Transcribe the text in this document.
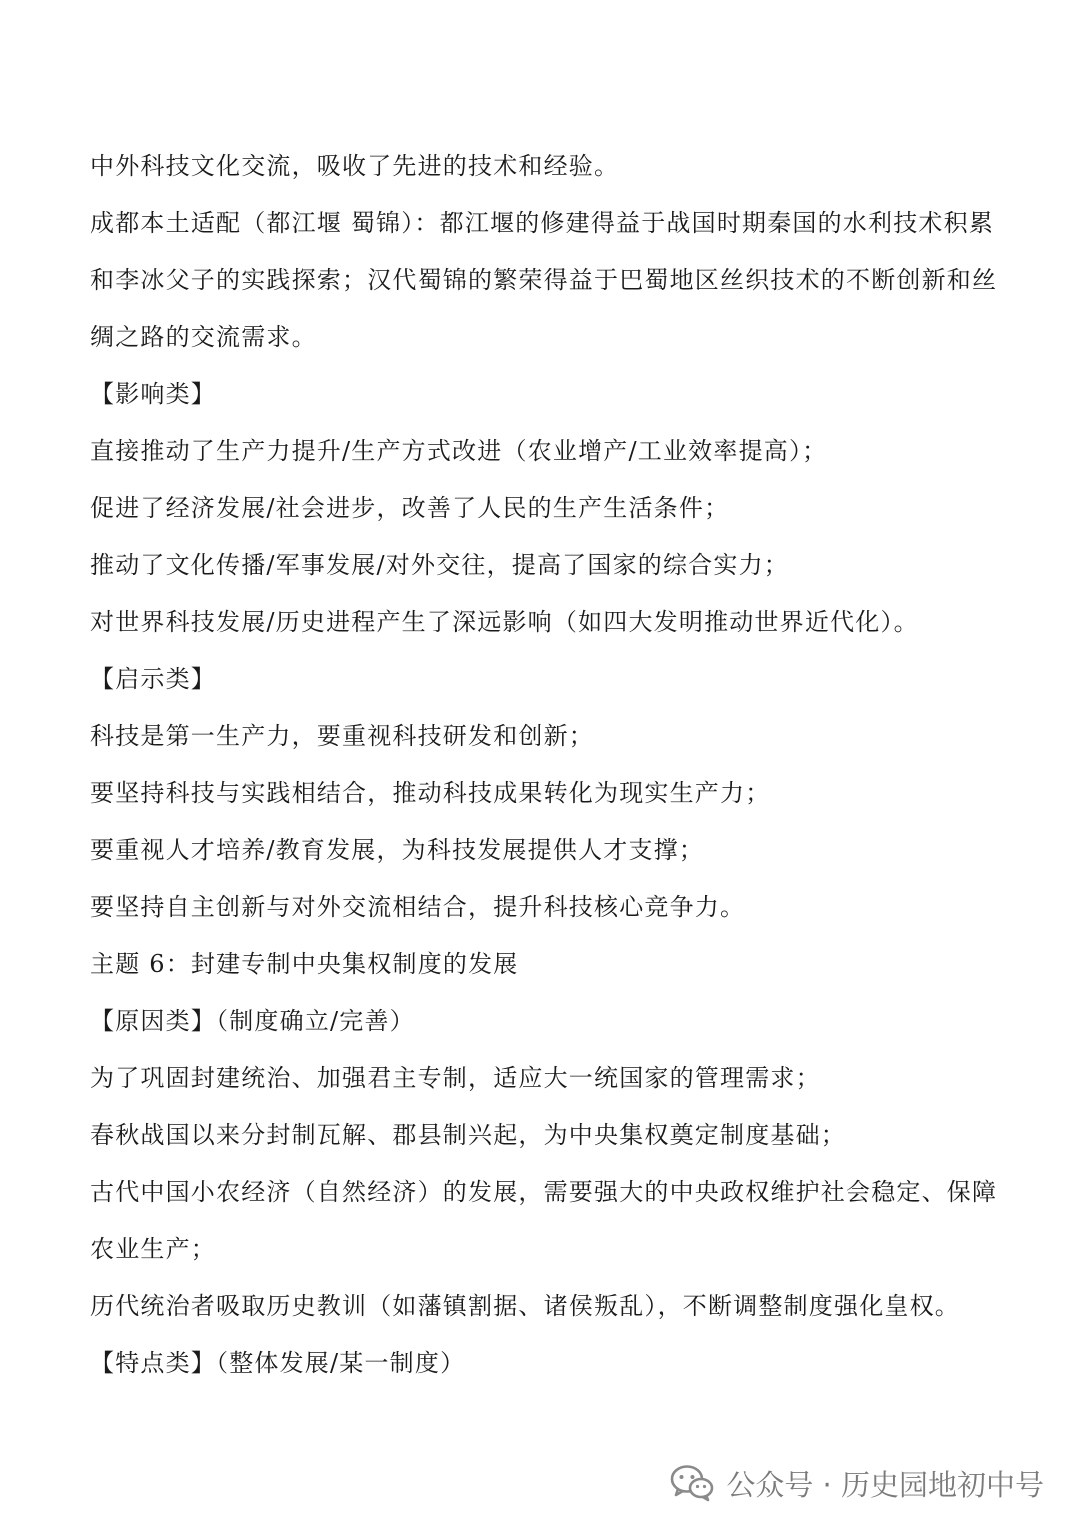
中外科技文化交流，吸收了先进的技术和经验。
成都本土适配（都江堰 蜀锦）：都江堰的修建得益于战国时期秦国的水利技术积累
和李冰父子的实践探索；汉代蜀锦的繁荣得益于巴蜀地区丝织技术的不断创新和丝
绸之路的交流需求。
【影响类】
直接推动了生产力提升/生产方式改进（农业增产/工业效率提高）；
促进了经济发展/社会进步，改善了人民的生产生活条件；
推动了文化传播/军事发展/对外交往，提高了国家的综合实力；
对世界科技发展/历史进程产生了深远影响（如四大发明推动世界近代化）。
【启示类】
科技是第一生产力，要重视科技研发和创新；
要坚持科技与实践相结合，推动科技成果转化为现实生产力；
要重视人才培养/教育发展，为科技发展提供人才支撑；
要坚持自主创新与对外交流相结合，提升科技核心竞争力。
主题 6：封建专制中央集权制度的发展
【原因类】（制度确立/完善）
为了巩固封建统治、加强君主专制，适应大一统国家的管理需求；
春秋战国以来分封制瓦解、郡县制兴起，为中央集权奠定制度基础；
古代中国小农经济（自然经济）的发展，需要强大的中央政权维护社会稳定、保障
农业生产；
历代统治者吸取历史教训（如藩镇割据、诸侯叛乱），不断调整制度强化皇权。
【特点类】（整体发展/某一制度）
公众号 · 历史园地初中号
